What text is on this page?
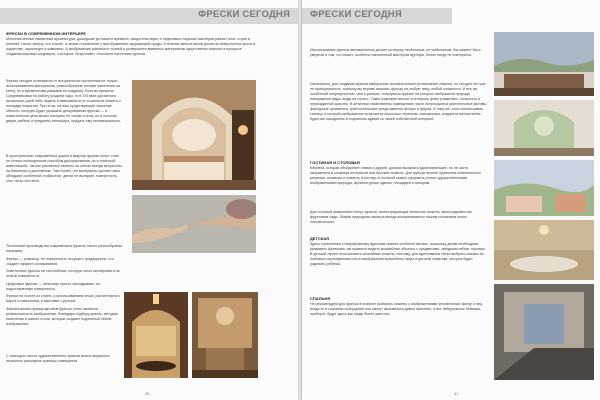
ФРЕСКИ СЕГОДНЯ
ФРЕСКИ В СОВРЕМЕННОМ ИНТЕРЬЕРЕ

Многочисленные памятники архитектуры, дошедшие до нашего времени, свидетельствуют о неделимых тщаниях мастеров разных эпох, стран и религий. Ничто сверху, что точнее, в своем стремлении к преображению окружающей среды, в течение многих веков достигли невероятных высот в зодчестве, скульптуре и живописи. А изображения различных тканей и усовершенствованных материалов существенно помогли в процессе создания мировых шедевров, о которых, безусловно, относится настенная фреска.

Фрески сегодня отличаются от исторических прототипов не только использованием материалов, разнообразием техники нанесения на стену, но и временными рамками их создания. Если во времена Средневековья на работу уходили годы, то в XXI веке достаточно нескольких дней либо недель в зависимости от сложности сюжета и площади покрытия. При этом, на наш существующее значение облость, которую будет украшать декоративная фреска — и значительная цена может покорить не только стены, но и потолок, двери, мебель и предметы интерьера, придать ему неповторимость.

В пространствах современных домов и квартир фрески могут стать не только полноценным способом декорирования, но и отличной инвестицией, так как расписные сюжеты на стенах всегда актуальны, на банальны и долговечны. Там более, что материалы против таких обладают особенной стойкостью, делая не выгорает, поверхность стен легко чистится.

Технологии производства современных фресок такого разнообразны, например:

Фреско — ромкагор, её поверхность несущего традиционно, что создает эффект состаривания.

Эластичные фрески на стеклоблоке, которую легко монтировать на любой поверхности.

Цифровые фрески — зеленому просто накладывают на подготовленную поверхность.

Фрески на холсте из слоев, с использованием песка, растительного масла и известняка, в выставке с рулона.

Значительным преимуществом фресок точно является реалистичность изображения, благодаря подбору красок, методов нанесения и самого стиля, которые создают подлинный объем изображения.

С помощью такого художественного приема можно визуально несколько расширять границы помещения,

30
ФРЕСКИ СЕГОДНЯ

Использование фресок автоматически делает интерьер необычным, не шаблонным. Вы можете быть уверены в том, что сюжет, особенно нанесенный мастером вручную, более нигде не повторится.

Изначально, для создания фрески выбирались исключительно религиозные сюжеты, но сегодня это уже не принципиально, поэтому вы вправе заказать фреску на любую тему, любой сложности. И все же, особенной популярностью, чем и раньше, пользуются фрески на которых изображена природа, панорамные виды, виды на «окно». Такие живописи вносят в интерьер флер романтики, сложность и первозданной красоты. В античных свойственны помещениях часто используются растительные мотивы, фактурные орнаменты, фантастические представители флоры и фауны. К тому же, если использовать технику, в которой изображение получается несколько нечетким, смешанным, создается впечатление, будто вы находитесь в старинном здании со своей собственной историей.

ГОСТИНАЯ И СТОЛОВАЯ

Комната, которая объединяет семью и друзей, должна вызывать вдохновляющее, но не часто направлена в сложным интересом или броские сюжеты. Для фрески вполне приемлем классического решения, тематики и тематик, в потому, в гостиной можно оформить стены художественными изображениями природы, архитектурные здания, площадей и панорам.

Для гостиной уважением стенут фрески, иллюстрирующие античные сюжеты, виноградники или фруктовые сады. Живая природная палитра всегда воспринимается нашим сознанием очень положительно.

ДЕТСКАЯ

Здесь стремление к непрерывному фрескам сюжета особенно велико, поскольку детям необходимо развивать фантазию, им нравятся видеть волшебные объекты с предметами, звёздным небом, героями. В детской лучше использовать спокойные сюжеты, поэтому, для вдохновения легко выбрать мотивы из любимого мультфильма или в изображении волшебного мира и детской тематики, которое будет радовать ребенка.

СПАЛЬНЯ

Не рекомендуем для фресок в спальне выбирать сюжеты с изображениями человеческих фигур и лиц. Когда-то в сознании созерцания они смогут вызываться давно изменить, а вот нейтральные пейзажи, наоборот, будут здесь как нигде более уместны.

31
